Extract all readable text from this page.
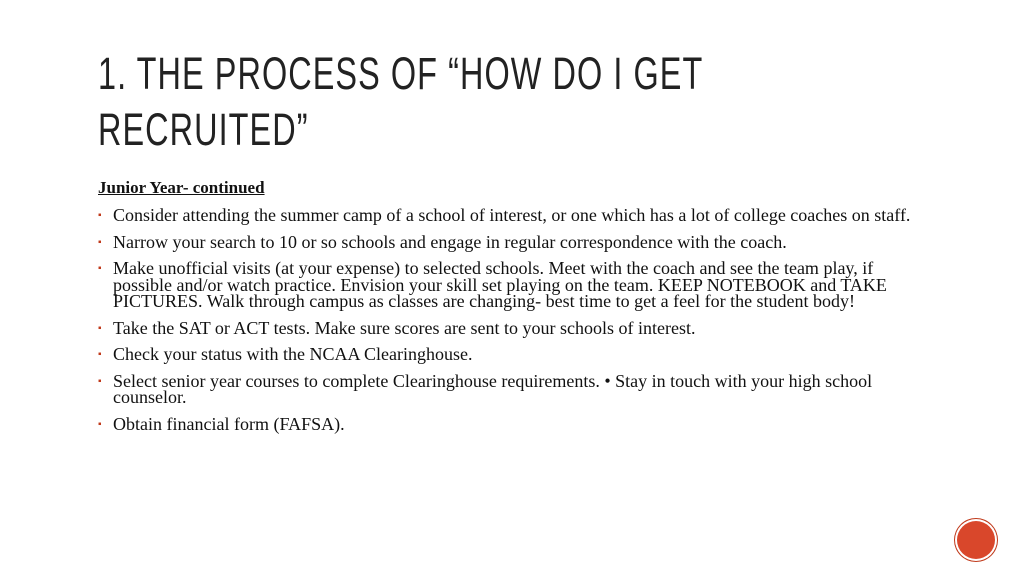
1. THE PROCESS OF “HOW DO I GET
RECRUITED”

Junior Year- continued

▪ Consider attending the summer camp of a school of interest, or one which has a lot of college coaches on staff.
▪ Narrow your search to 10 or so schools and engage in regular correspondence with the coach.
▪ Make unofficial visits (at your expense) to selected schools. Meet with the coach and see the team play, if possible and/or watch practice. Envision your skill set playing on the team. KEEP NOTEBOOK and TAKE PICTURES. Walk through campus as classes are changing- best time to get a feel for the student body!
▪ Take the SAT or ACT tests. Make sure scores are sent to your schools of interest.
▪ Check your status with the NCAA Clearinghouse.
▪ Select senior year courses to complete Clearinghouse requirements. • Stay in touch with your high school counselor.
▪ Obtain financial form (FAFSA).
